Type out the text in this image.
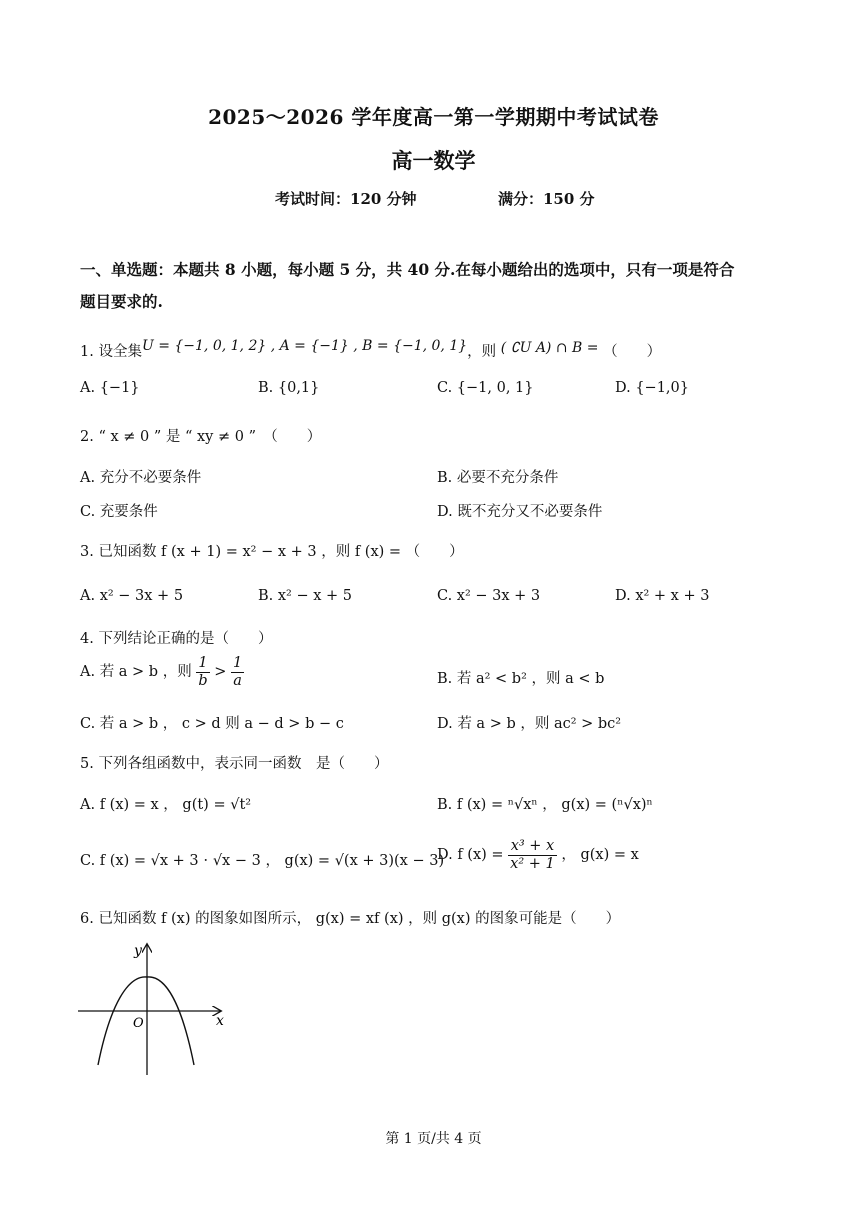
2025～2026 学年度高一第一学期期中考试试卷
高一数学
考试时间：120 分钟	满分：150 分
一、单选题：本题共 8 小题，每小题 5 分，共 40 分.在每小题给出的选项中，只有一项是符合
题目要求的.
1. 设全集U = {−1, 0, 1, 2} , A = {−1} , B = {−1, 0, 1}，则 ( ∁U A) ∩ B = （　　）
A. {−1}	B. {0,1}	C. {−1, 0, 1}	D. {−1,0}
2. “ x ≠ 0 ” 是 “ xy ≠ 0 ”　（　　）
A. 充分不必要条件	B. 必要不充分条件
C. 充要条件	D. 既不充分又不必要条件
3. 已知函数 f (x + 1) = x² − x + 3 ，则 f (x) = （　　）
A. x² − 3x + 5	B. x² − x + 5	C. x² − 3x + 3	D. x² + x + 3
4. 下列结论正确的是（　　）
A. 若 a > b ，则 $\frac{1}{b} > \frac{1}{a}$	B. 若 a² < b² ，则 a < b
C. 若 a > b ， c > d 则 a − d > b − c	D. 若 a > b ，则 ac² > bc²
5. 下列各组函数中，表示同一函数　是（　　）
A. f (x) = x ， g(t) = √t²	B. f (x) = ⁿ√xⁿ ， g(x) = (ⁿ√x)ⁿ
C. f (x) = √x + 3 ⋅ √x − 3 ， g(x) = √(x + 3)(x − 3)
D. f $(x) = \frac{\text{x³ + x}}{\text{x² + 1}}$ ， g(x) = x
6. 已知函数 f (x) 的图象如图所示， g(x) = xf (x) ，则 g(x) 的图象可能是（　　）
y
x
O
第 1 页/共 4 页
